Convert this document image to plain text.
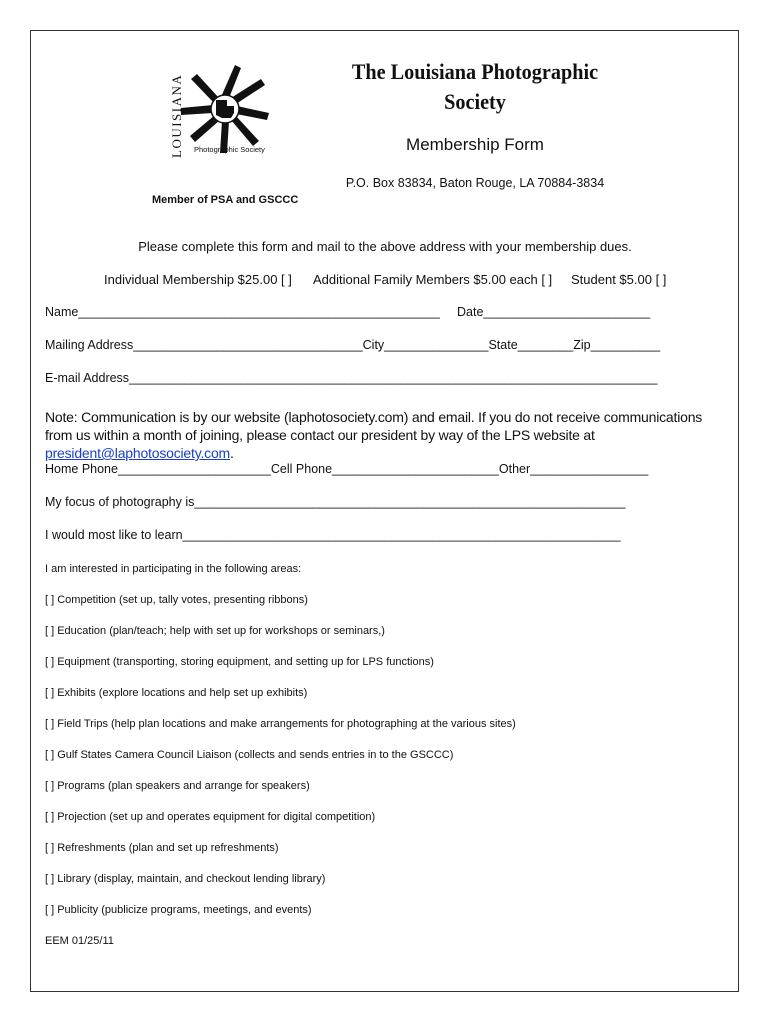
LOUISIANA Photographic Society
The Louisiana Photographic
Society
Membership Form
P.O. Box 83834, Baton Rouge, LA 70884-3834
Member of PSA and GSCCC
Please complete this form and mail to the above address with your membership dues.
Individual Membership $25.00 [ ] Additional Family Members $5.00 each [ ] Student $5.00 [ ]
Name____________________________________________________ Date________________________
Mailing Address_________________________________City_______________State________Zip__________
E-mail Address____________________________________________________________________________
Note: Communication is by our website (laphotosociety.com) and email. If you do not receive communications from us within a month of joining, please contact our president by way of the LPS website at president@laphotosociety.com.
Home Phone______________________Cell Phone________________________Other_________________
My focus of photography is______________________________________________________________
I would most like to learn_______________________________________________________________
I am interested in participating in the following areas:
[ ] Competition (set up, tally votes, presenting ribbons)
[ ] Education (plan/teach; help with set up for workshops or seminars,)
[ ] Equipment (transporting, storing equipment, and setting up for LPS functions)
[ ] Exhibits (explore locations and help set up exhibits)
[ ] Field Trips (help plan locations and make arrangements for photographing at the various sites)
[ ] Gulf States Camera Council Liaison (collects and sends entries in to the GSCCC)
[ ] Programs (plan speakers and arrange for speakers)
[ ] Projection (set up and operates equipment for digital competition)
[ ] Refreshments (plan and set up refreshments)
[ ] Library (display, maintain, and checkout lending library)
[ ] Publicity (publicize programs, meetings, and events)
EEM 01/25/11
